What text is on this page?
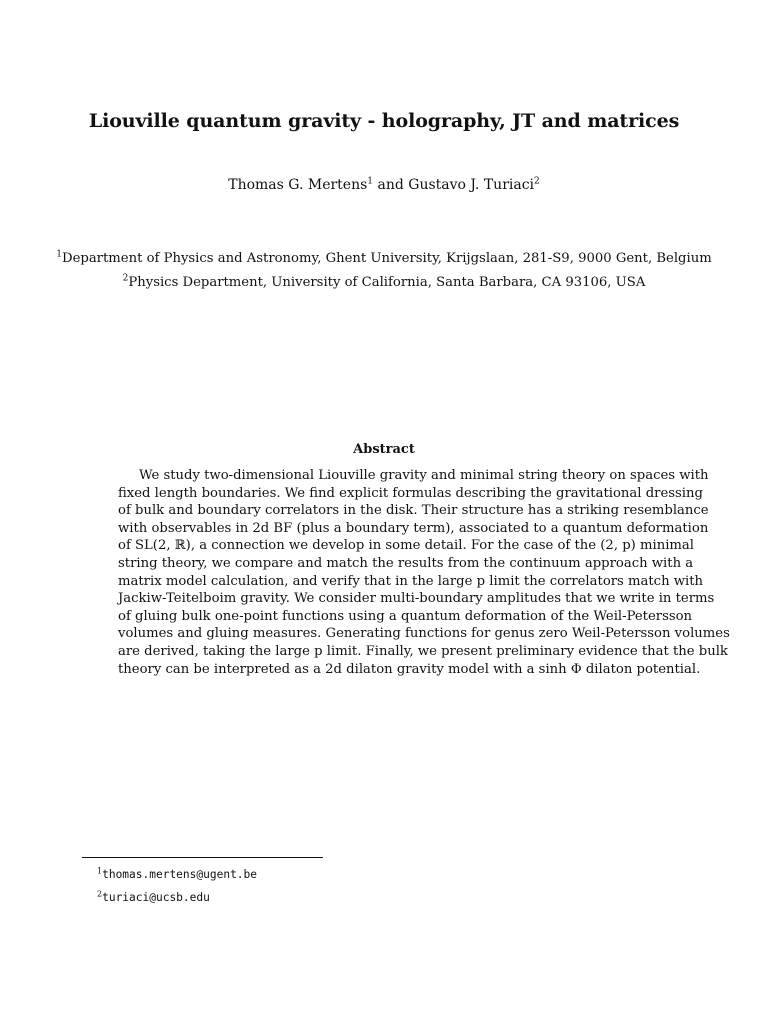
Liouville quantum gravity - holography, JT and matrices
Thomas G. Mertens$^1$ and Gustavo J. Turiaci$^2$
$^1$Department of Physics and Astronomy, Ghent University, Krijgslaan, 281-S9, 9000 Gent, Belgium
$^2$Physics Department, University of California, Santa Barbara, CA 93106, USA
Abstract
We study two-dimensional Liouville gravity and minimal string theory on spaces with
fixed length boundaries. We find explicit formulas describing the gravitational dressing
of bulk and boundary correlators in the disk. Their structure has a striking resemblance
with observables in 2d BF (plus a boundary term), associated to a quantum deformation
of SL(2, ℝ), a connection we develop in some detail. For the case of the (2, p) minimal
string theory, we compare and match the results from the continuum approach with a
matrix model calculation, and verify that in the large p limit the correlators match with
Jackiw-Teitelboim gravity. We consider multi-boundary amplitudes that we write in terms
of gluing bulk one-point functions using a quantum deformation of the Weil-Petersson
volumes and gluing measures. Generating functions for genus zero Weil-Petersson volumes
are derived, taking the large p limit. Finally, we present preliminary evidence that the bulk
theory can be interpreted as a 2d dilaton gravity model with a sinh Φ dilaton potential.
$^1$thomas.mertens@ugent.be
$^2$turiaci@ucsb.edu
